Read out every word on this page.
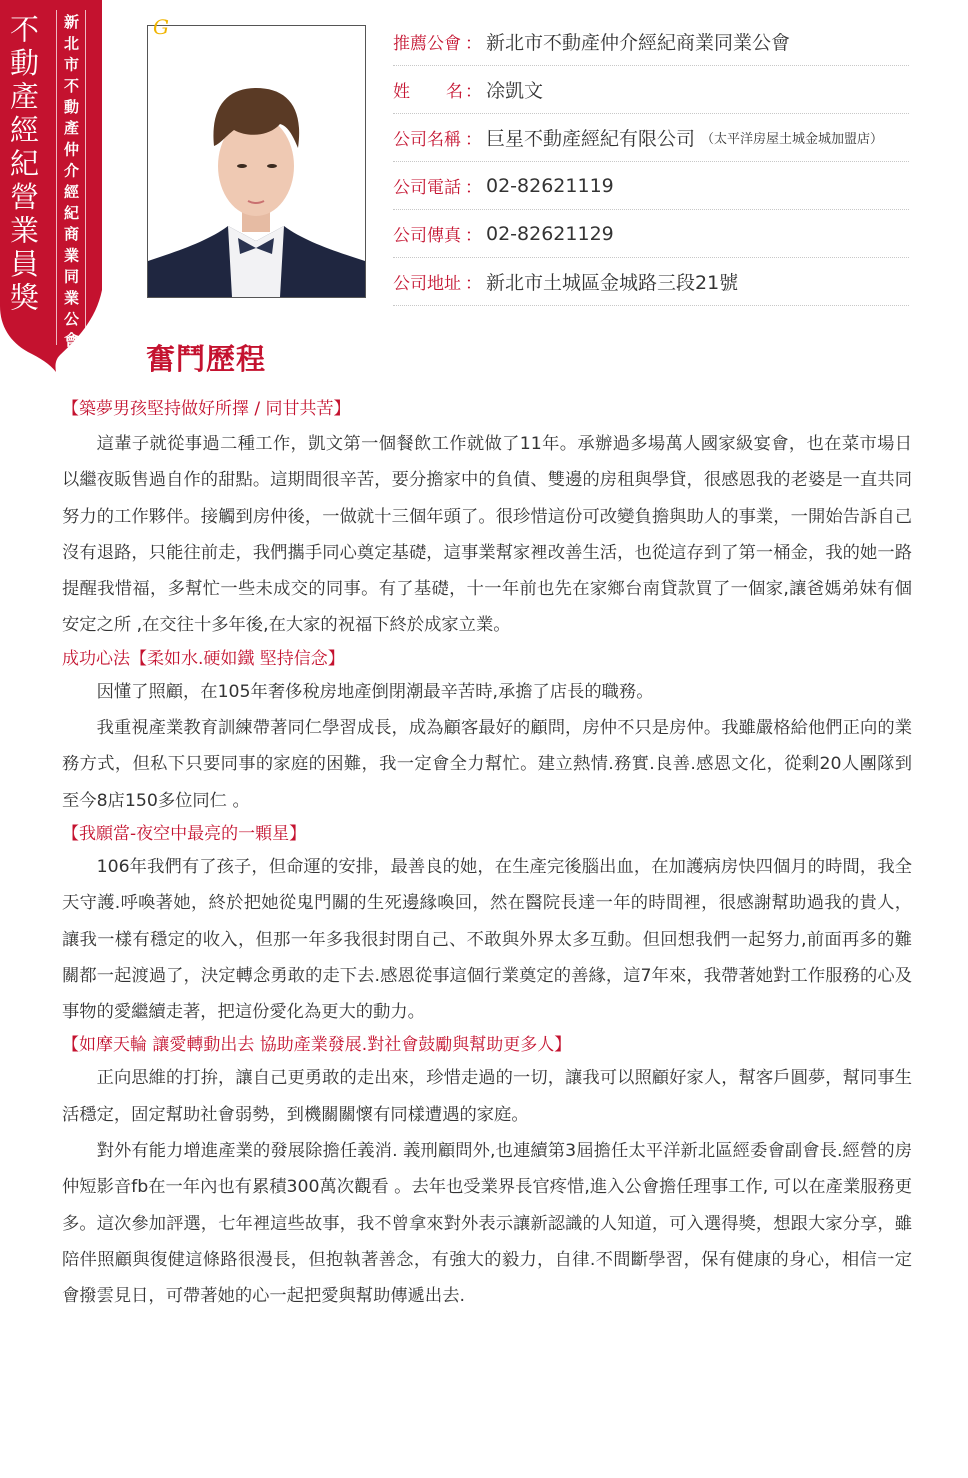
不動產經紀營業員獎 新北市不動產仲介經紀商業同業公會	G
推薦公會 ： 新北市不動產仲介經紀商業同業公會
姓 名 ： 凃凱文
公司名稱 ： 巨星不動產經紀有限公司 （太平洋房屋土城金城加盟店）
公司電話 ： 02-82621119
公司傳真 ： 02-82621129
公司地址 ： 新北市土城區金城路三段21號
奮鬥歷程
【築夢男孩堅持做好所擇 / 同甘共苦】

這輩子就從事過二種工作，凱文第一個餐飲工作就做了11年。承辦過多場萬人國家級宴會，也在菜市場日以繼夜販售過自作的甜點。這期間很辛苦，要分擔家中的負債、雙邊的房租與學貸，很感恩我的老婆是一直共同努力的工作夥伴。接觸到房仲後，一做就十三個年頭了。很珍惜這份可改變負擔與助人的事業，一開始告訴自己沒有退路，只能往前走，我們攜手同心奠定基礎，這事業幫家裡改善生活，也從這存到了第一桶金，我的她一路提醒我惜福，多幫忙一些未成交的同事。有了基礎，十一年前也先在家鄉台南貸款買了一個家,讓爸媽弟妹有個安定之所 ,在交往十多年後,在大家的祝福下終於成家立業。

成功心法【柔如水.硬如鐵 堅持信念】

因懂了照顧，在105年奢侈稅房地產倒閉潮最辛苦時,承擔了店長的職務。

我重視產業教育訓練帶著同仁學習成長，成為顧客最好的顧問，房仲不只是房仲。我雖嚴格給他們正向的業務方式，但私下只要同事的家庭的困難，我一定會全力幫忙。建立熱情.務實.良善.感恩文化，從剩20人團隊到至今8店150多位同仁 。

【我願當-夜空中最亮的一顆星】

106年我們有了孩子，但命運的安排，最善良的她，在生產完後腦出血，在加護病房快四個月的時間，我全天守護.呼喚著她，終於把她從鬼門關的生死邊緣喚回，然在醫院長達一年的時間裡，很感謝幫助過我的貴人，讓我一樣有穩定的收入，但那一年多我很封閉自己、不敢與外界太多互動。但回想我們一起努力,前面再多的難關都一起渡過了，決定轉念勇敢的走下去.感恩從事這個行業奠定的善緣，這7年來，我帶著她對工作服務的心及事物的愛繼續走著，把這份愛化為更大的動力。

【如摩天輪 讓愛轉動出去 協助產業發展.對社會鼓勵與幫助更多人】

正向思維的打拚，讓自己更勇敢的走出來，珍惜走過的一切，讓我可以照顧好家人，幫客戶圓夢，幫同事生活穩定，固定幫助社會弱勢，到機關關懷有同樣遭遇的家庭。

對外有能力增進產業的發展除擔任義消. 義刑顧問外,也連續第3屆擔任太平洋新北區經委會副會長.經營的房仲短影音fb在一年內也有累積300萬次觀看 。去年也受業界長官疼惜,進入公會擔任理事工作, 可以在產業服務更多。這次參加評選，七年裡這些故事，我不曾拿來對外表示讓新認識的人知道，可入選得獎，想跟大家分享，雖陪伴照顧與復健這條路很漫長，但抱執著善念，有強大的毅力，自律.不間斷學習，保有健康的身心，相信一定會撥雲見日，可帶著她的心一起把愛與幫助傳遞出去.
